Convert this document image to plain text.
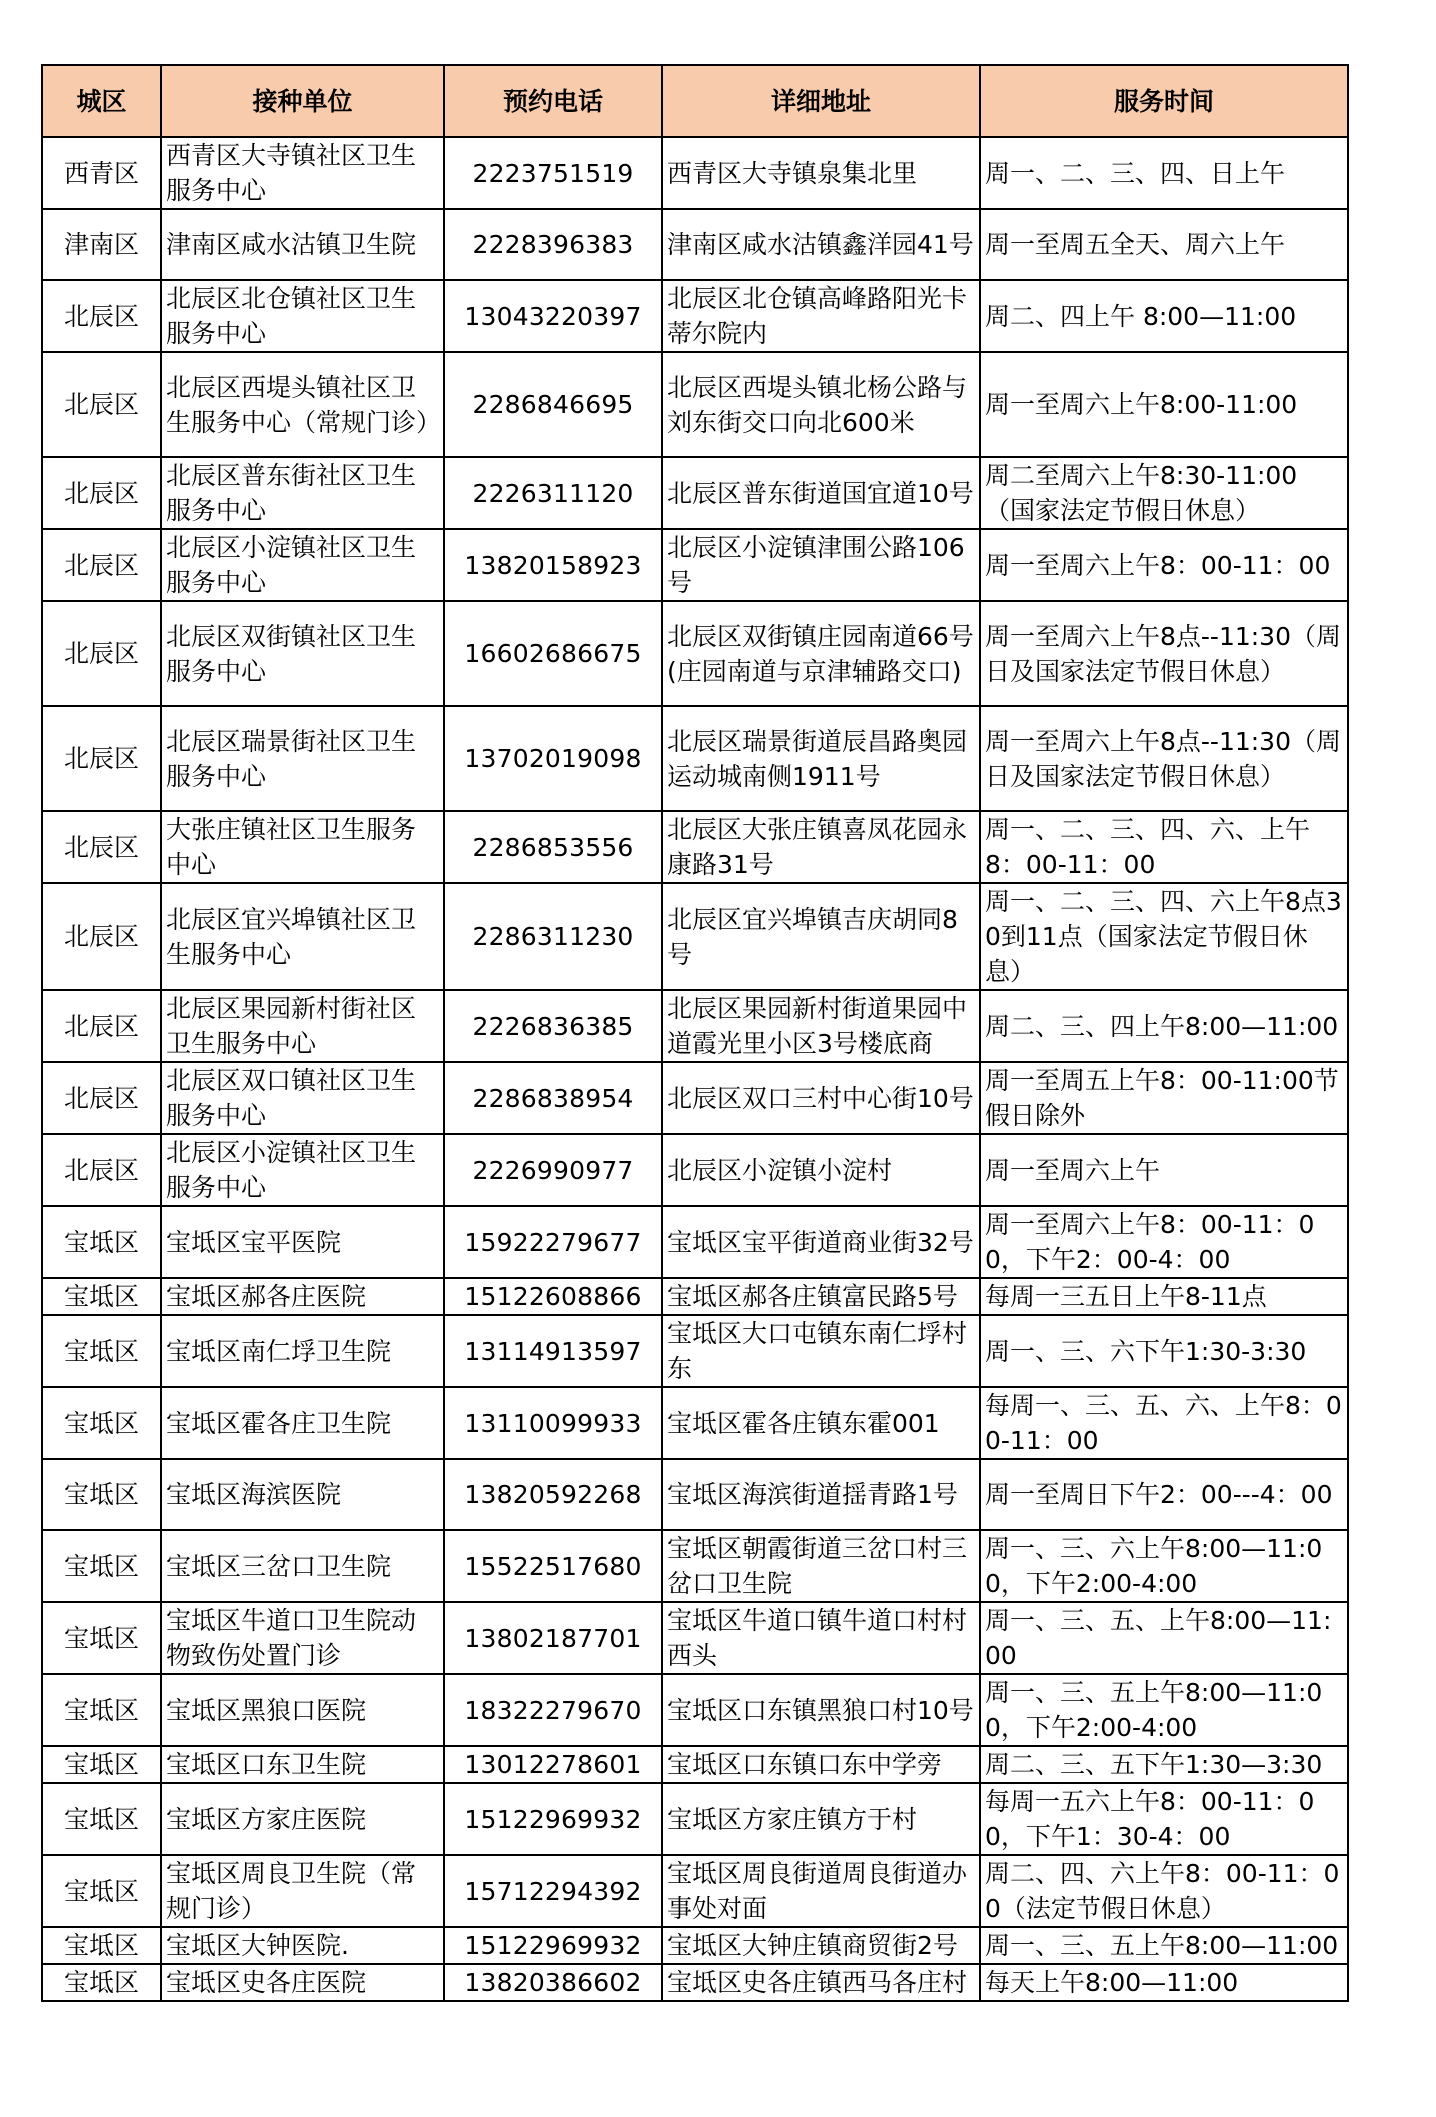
城区	接种单位	预约电话	详细地址	服务时间
西青区	西青区大寺镇社区卫生服务中心	2223751519	西青区大寺镇泉集北里	周一、二、三、四、日上午
津南区	津南区咸水沽镇卫生院	2228396383	津南区咸水沽镇鑫洋园41号	周一至周五全天、周六上午
北辰区	北辰区北仓镇社区卫生服务中心	13043220397	北辰区北仓镇高峰路阳光卡蒂尔院内	周二、四上午 8:00—11:00
北辰区	北辰区西堤头镇社区卫生服务中心（常规门诊）	2286846695	北辰区西堤头镇北杨公路与刘东街交口向北600米	周一至周六上午8:00-11:00
北辰区	北辰区普东街社区卫生服务中心	2226311120	北辰区普东街道国宜道10号	周二至周六上午8:30-11:00（国家法定节假日休息）
北辰区	北辰区小淀镇社区卫生服务中心	13820158923	北辰区小淀镇津围公路106号	周一至周六上午8：00-11：00
北辰区	北辰区双街镇社区卫生服务中心	16602686675	北辰区双街镇庄园南道66号(庄园南道与京津辅路交口)	周一至周六上午8点--11:30（周日及国家法定节假日休息）
北辰区	北辰区瑞景街社区卫生服务中心	13702019098	北辰区瑞景街道辰昌路奥园运动城南侧1911号	周一至周六上午8点--11:30（周日及国家法定节假日休息）
北辰区	大张庄镇社区卫生服务中心	2286853556	北辰区大张庄镇喜凤花园永康路31号	周一、二、三、四、六、上午8：00-11：00
北辰区	北辰区宜兴埠镇社区卫生服务中心	2286311230	北辰区宜兴埠镇吉庆胡同8号	周一、二、三、四、六上午8点30到11点（国家法定节假日休息）
北辰区	北辰区果园新村街社区卫生服务中心	2226836385	北辰区果园新村街道果园中道霞光里小区3号楼底商	周二、三、四上午8:00—11:00
北辰区	北辰区双口镇社区卫生服务中心	2286838954	北辰区双口三村中心街10号	周一至周五上午8：00-11:00节假日除外
北辰区	北辰区小淀镇社区卫生服务中心	2226990977	北辰区小淀镇小淀村	周一至周六上午
宝坻区	宝坻区宝平医院	15922279677	宝坻区宝平街道商业街32号	周一至周六上午8：00-11：00，下午2：00-4：00
宝坻区	宝坻区郝各庄医院	15122608866	宝坻区郝各庄镇富民路5号	每周一三五日上午8-11点
宝坻区	宝坻区南仁垺卫生院	13114913597	宝坻区大口屯镇东南仁垺村东	周一、三、六下午1:30-3:30
宝坻区	宝坻区霍各庄卫生院	13110099933	宝坻区霍各庄镇东霍001	每周一、三、五、六、上午8：00-11：00
宝坻区	宝坻区海滨医院	13820592268	宝坻区海滨街道揺青路1号	周一至周日下午2：00---4：00
宝坻区	宝坻区三岔口卫生院	15522517680	宝坻区朝霞街道三岔口村三岔口卫生院	周一、三、六上午8:00—11:00，下午2:00-4:00
宝坻区	宝坻区牛道口卫生院动物致伤处置门诊	13802187701	宝坻区牛道口镇牛道口村村西头	周一、三、五、上午8:00—11:00
宝坻区	宝坻区黑狼口医院	18322279670	宝坻区口东镇黑狼口村10号	周一、三、五上午8:00—11:00，下午2:00-4:00
宝坻区	宝坻区口东卫生院	13012278601	宝坻区口东镇口东中学旁	周二、三、五下午1:30—3:30
宝坻区	宝坻区方家庄医院	15122969932	宝坻区方家庄镇方于村	每周一五六上午8：00-11：00，下午1：30-4：00
宝坻区	宝坻区周良卫生院（常规门诊）	15712294392	宝坻区周良街道周良街道办事处对面	周二、四、六上午8：00-11：00（法定节假日休息）
宝坻区	宝坻区大钟医院.	15122969932	宝坻区大钟庄镇商贸街2号	周一、三、五上午8:00—11:00
宝坻区	宝坻区史各庄医院	13820386602	宝坻区史各庄镇西马各庄村	每天上午8:00—11:00
